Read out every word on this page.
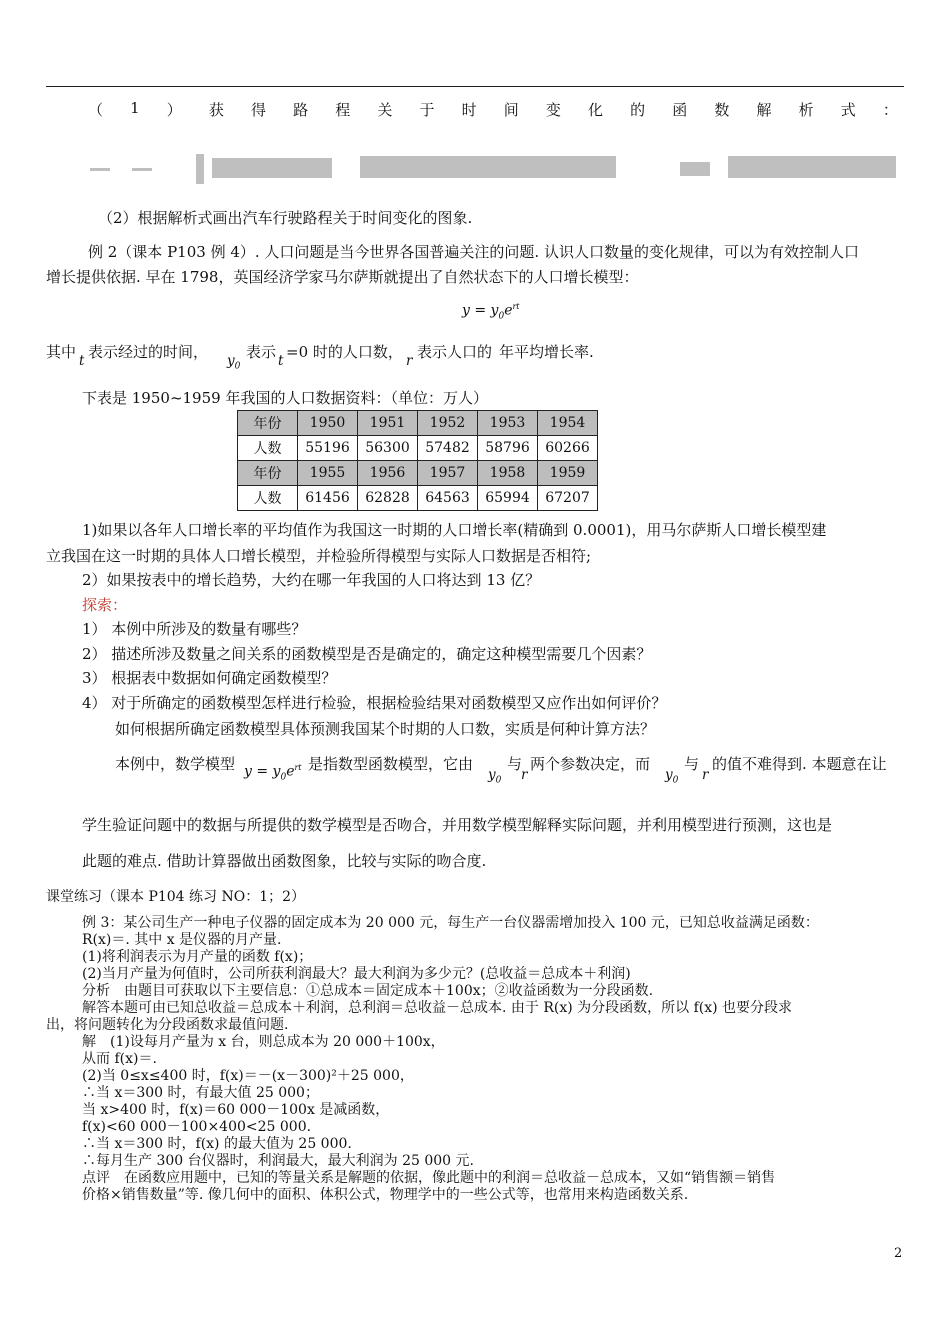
（ 1 ） 获 得 路 程 关 于 时 间 变 化 的 函 数 解 析 式 ：
（2）根据解析式画出汽车行驶路程关于时间变化的图象.
例 2（课本 P103 例 4）. 人口问题是当今世界各国普遍关注的问题. 认识人口数量的变化规律，可以为有效控制人口
增长提供依据. 早在 1798，英国经济学家马尔萨斯就提出了自然状态下的人口增长模型：
$y = y_0e^{rt}$
其中 t 表示经过的时间， $y_0$
表示 t =0 时的人口数， r 表示人口的 年平均增长率.
下表是 1950~1959 年我国的人口数据资料：（单位：万人）
年份	1950	1951	1952	1953	1954
人数	55196	56300	57482	58796	60266
年份	1955	1956	1957	1958	1959
人数	61456	62828	64563	65994	67207
1)如果以各年人口增长率的平均值作为我国这一时期的人口增长率(精确到 0.0001)，用马尔萨斯人口增长模型建
立我国在这一时期的具体人口增长模型，并检验所得模型与实际人口数据是否相符;
2）如果按表中的增长趋势，大约在哪一年我国的人口将达到 13 亿？
探索：
1） 本例中所涉及的数量有哪些？
2） 描述所涉及数量之间关系的函数模型是否是确定的，确定这种模型需要几个因素？
3） 根据表中数据如何确定函数模型？
4） 对于所确定的函数模型怎样进行检验，根据检验结果对函数模型又应作出如何评价？
如何根据所确定函数模型具体预测我国某个时期的人口数，实质是何种计算方法？
本例中，数学模型 $y = y_0e^{rt}$ 是指数型函数模型，它由
$y_0$
与
r
两个参数决定，而
$y_0$
与
r
的值不难得到. 本题意在让
学生验证问题中的数据与所提供的数学模型是否吻合，并用数学模型解释实际问题，并利用模型进行预测，这也是
此题的难点. 借助计算器做出函数图象，比较与实际的吻合度.
课堂练习（课本 P104 练习 NO：1；2）
例 3：某公司生产一种电子仪器的固定成本为 20 000 元，每生产一台仪器需增加投入 100 元，已知总收益满足函数：
R(x)＝. 其中 x 是仪器的月产量.
(1)将利润表示为月产量的函数 f(x)；
(2)当月产量为何值时，公司所获利润最大？最大利润为多少元？(总收益＝总成本＋利润)
分析　由题目可获取以下主要信息：①总成本＝固定成本＋100x；②收益函数为一分段函数.
解答本题可由已知总收益＝总成本＋利润，总利润＝总收益－总成本. 由于 R(x) 为分段函数，所以 f(x) 也要分段求
出，将问题转化为分段函数求最值问题.
解　(1)设每月产量为 x 台，则总成本为 20 000＋100x，
从而 f(x)＝.
(2)当 0≤x≤400 时，f(x)＝－(x－300)²＋25 000，
∴当 x＝300 时，有最大值 25 000；
当 x>400 时，f(x)＝60 000－100x 是减函数，
f(x)<60 000－100×400<25 000.
∴当 x＝300 时，f(x) 的最大值为 25 000.
∴每月生产 300 台仪器时，利润最大，最大利润为 25 000 元.
点评　在函数应用题中，已知的等量关系是解题的依据，像此题中的利润＝总收益－总成本，又如“销售额＝销售
价格×销售数量”等. 像几何中的面积、体积公式，物理学中的一些公式等，也常用来构造函数关系.
2
